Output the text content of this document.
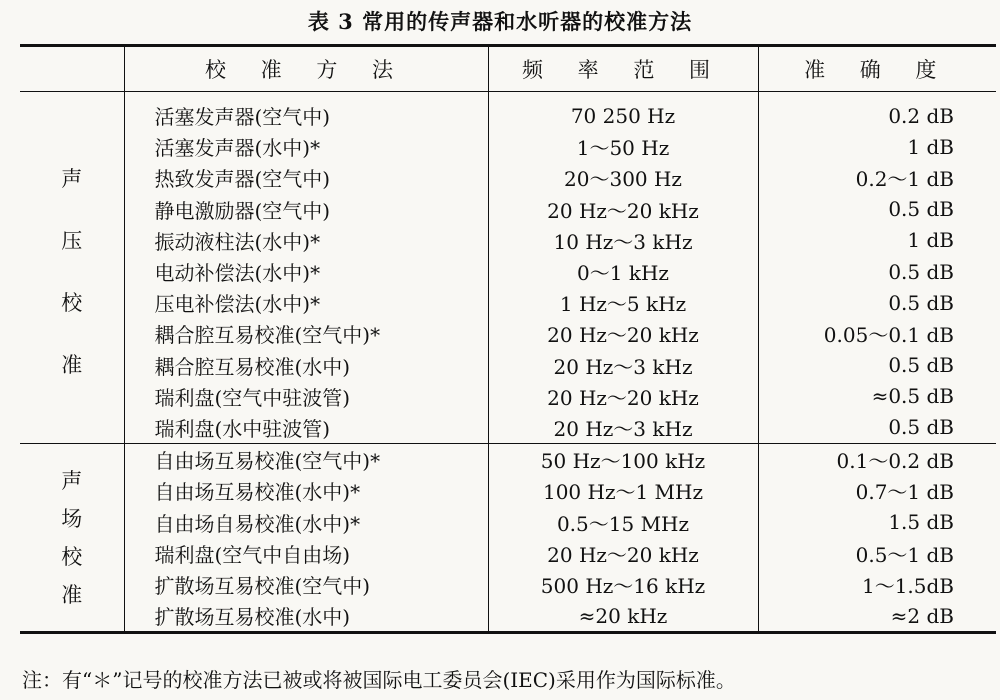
表 3 常用的传声器和水听器的校准方法
	校 准 方 法	频 率 范 围	准 确 度

声
压
校
准	活塞发声器(空气中)	70 250 Hz	0.2 dB
	活塞发声器(水中)*	1～50 Hz	1 dB
	热致发声器(空气中)	20～300 Hz	0.2～1 dB
	静电激励器(空气中)	20 Hz～20 kHz	0.5 dB
	振动液柱法(水中)*	10 Hz～3 kHz	1 dB
	电动补偿法(水中)*	0～1 kHz	0.5 dB
	压电补偿法(水中)*	1 Hz～5 kHz	0.5 dB
	耦合腔互易校准(空气中)*	20 Hz～20 kHz	0.05～0.1 dB
	耦合腔互易校准(水中)	20 Hz～3 kHz	0.5 dB
	瑞利盘(空气中驻波管)	20 Hz～20 kHz	≈0.5 dB
	瑞利盘(水中驻波管)	20 Hz～3 kHz	0.5 dB

声
场
校
准	自由场互易校准(空气中)*	50 Hz～100 kHz	0.1～0.2 dB
	自由场互易校准(水中)*	100 Hz～1 MHz	0.7～1 dB
	自由场自易校准(水中)*	0.5～15 MHz	1.5 dB
	瑞利盘(空气中自由场)	20 Hz～20 kHz	0.5～1 dB
	扩散场互易校准(空气中)	500 Hz～16 kHz	1～1.5dB
	扩散场互易校准(水中)	≈20 kHz	≈2 dB
注：有“＊”记号的校准方法已被或将被国际电工委员会(IEC)采用作为国际标准。
